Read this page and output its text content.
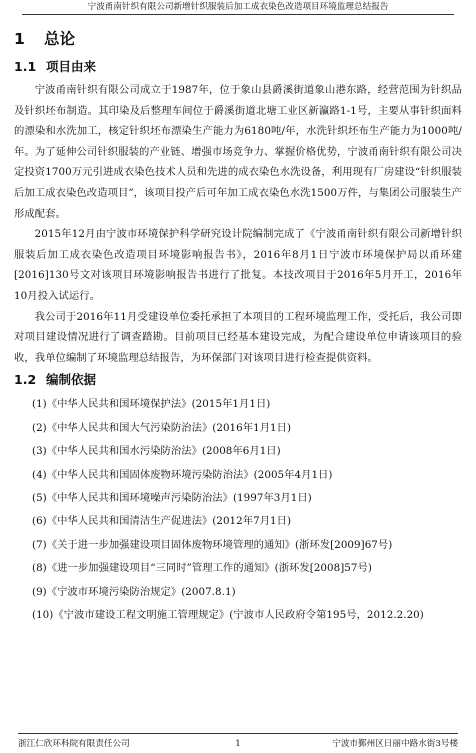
宁波甬南针织有限公司新增针织服装后加工成衣染色改造项目环境监理总结报告
1 总论
1.1 项目由来

宁波甬南针织有限公司成立于1987年，位于象山县爵溪街道象山港东路，经营范围为针织品及针织坯布制造。其印染及后整理车间位于爵溪街道北塘工业区新瀛路1-1号，主要从事针织面料的漂染和水洗加工，核定针织坯布漂染生产能力为6180吨/年，水洗针织坯布生产能力为1000吨/年。为了延伸公司针织服装的产业链、增强市场竞争力、掌握价格优势，宁波甬南针织有限公司决定投资1700万元引进成衣染色技术人员和先进的成衣染色水洗设备，利用现有厂房建设“针织服装后加工成衣染色改造项目”，该项目投产后可年加工成衣染色水洗1500万件，与集团公司服装生产形成配套。

2015年12月由宁波市环境保护科学研究设计院编制完成了《宁波甬南针织有限公司新增针织服装后加工成衣染色改造项目环境影响报告书》，2016年8月1日宁波市环境保护局以甬环建[2016]130号文对该项目环境影响报告书进行了批复。本技改项目于2016年5月开工，2016年10月投入试运行。

我公司于2016年11月受建设单位委托承担了本项目的工程环境监理工作，受托后，我公司即对项目建设情况进行了调查踏勘。目前项目已经基本建设完成，为配合建设单位申请该项目的验收，我单位编制了环境监理总结报告，为环保部门对该项目进行检查提供资料。

1.2 编制依据
(1)《中华人民共和国环境保护法》(2015年1月1日)
(2)《中华人民共和国大气污染防治法》(2016年1月1日)
(3)《中华人民共和国水污染防治法》(2008年6月1日)
(4)《中华人民共和国固体废物环境污染防治法》(2005年4月1日)
(5)《中华人民共和国环境噪声污染防治法》(1997年3月1日)
(6)《中华人民共和国清洁生产促进法》(2012年7月1日)
(7)《关于进一步加强建设项目固体废物环境管理的通知》(浙环发[2009]67号)
(8)《进一步加强建设项目“三同时”管理工作的通知》(浙环发[2008]57号)
(9)《宁波市环境污染防治规定》(2007.8.1)
(10)《宁波市建设工程文明施工管理规定》(宁波市人民政府令第195号，2012.2.20)
浙江仁欣环科院有限责任公司	1	宁波市鄞州区日丽中路水街3号楼
